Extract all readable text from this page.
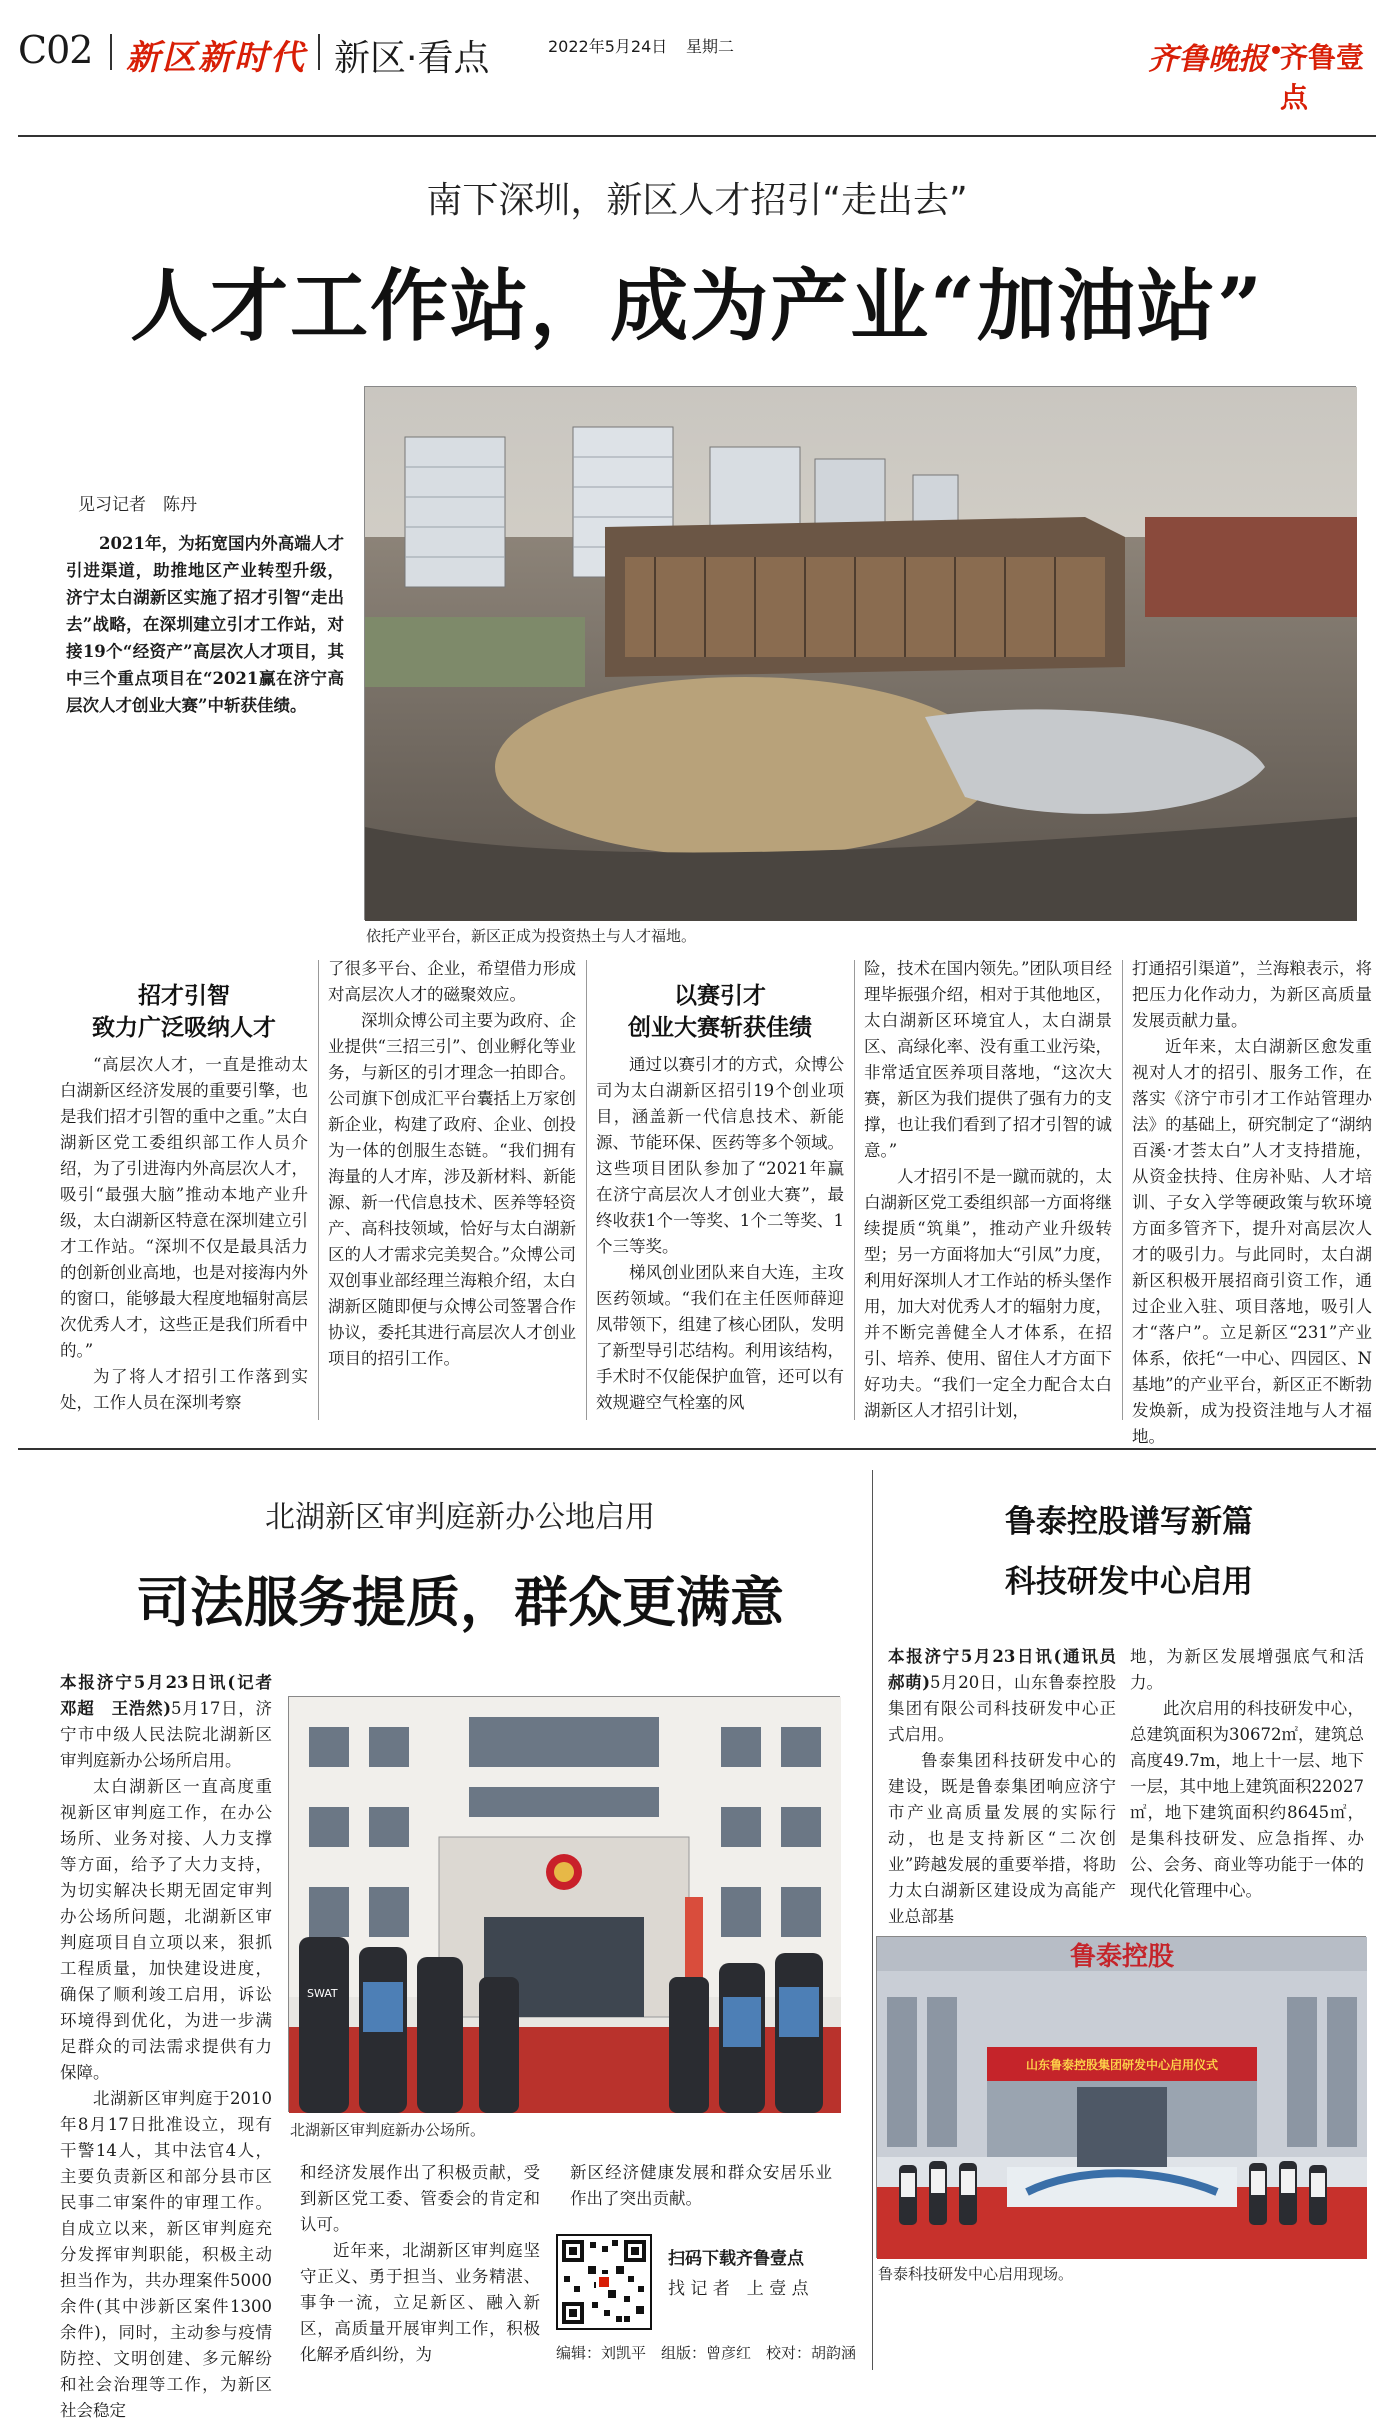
C02 新区新时代 新区·看点	2022年5月24日 星期二	齐鲁晚报 齐鲁壹点
南下深圳，新区人才招引“走出去”
人才工作站，成为产业“加油站”
见习记者　陈丹

2021年，为拓宽国内外高端人才引进渠道，助推地区产业转型升级，济宁太白湖新区实施了招才引智“走出去”战略，在深圳建立引才工作站，对接19个“经资产”高层次人才项目，其中三个重点项目在“2021赢在济宁高层次人才创业大赛”中斩获佳绩。

依托产业平台，新区正成为投资热土与人才福地。
招才引智
致力广泛吸纳人才

“高层次人才，一直是推动太白湖新区经济发展的重要引擎，也是我们招才引智的重中之重。”太白湖新区党工委组织部工作人员介绍，为了引进海内外高层次人才，吸引“最强大脑”推动本地产业升级，太白湖新区特意在深圳建立引才工作站。“深圳不仅是最具活力的创新创业高地，也是对接海内外的窗口，能够最大程度地辐射高层次优秀人才，这些正是我们所看中的。”

为了将人才招引工作落到实处，工作人员在深圳考察

了很多平台、企业，希望借力形成对高层次人才的磁聚效应。

深圳众博公司主要为政府、企业提供“三招三引”、创业孵化等业务，与新区的引才理念一拍即合。公司旗下创成汇平台囊括上万家创新企业，构建了政府、企业、创投为一体的创服生态链。“我们拥有海量的人才库，涉及新材料、新能源、新一代信息技术、医养等轻资产、高科技领域，恰好与太白湖新区的人才需求完美契合。”众博公司双创事业部经理兰海粮介绍，太白湖新区随即便与众博公司签署合作协议，委托其进行高层次人才创业项目的招引工作。

以赛引才
创业大赛斩获佳绩

通过以赛引才的方式，众博公司为太白湖新区招引19个创业项目，涵盖新一代信息技术、新能源、节能环保、医药等多个领域。这些项目团队参加了“2021年赢在济宁高层次人才创业大赛”，最终收获1个一等奖、1个二等奖、1个三等奖。

梯风创业团队来自大连，主攻医药领域。“我们在主任医师薛迎凤带领下，组建了核心团队，发明了新型导引芯结构。利用该结构，手术时不仅能保护血管，还可以有效规避空气栓塞的风

险，技术在国内领先。”团队项目经理毕振强介绍，相对于其他地区，太白湖新区环境宜人，太白湖景区、高绿化率、没有重工业污染，非常适宜医养项目落地，“这次大赛，新区为我们提供了强有力的支撑，也让我们看到了招才引智的诚意。”

人才招引不是一蹴而就的，太白湖新区党工委组织部一方面将继续提质“筑巢”，推动产业升级转型；另一方面将加大“引凤”力度，利用好深圳人才工作站的桥头堡作用，加大对优秀人才的辐射力度，并不断完善健全人才体系，在招引、培养、使用、留住人才方面下好功夫。“我们一定全力配合太白湖新区人才招引计划，

打通招引渠道”，兰海粮表示，将把压力化作动力，为新区高质量发展贡献力量。

近年来，太白湖新区愈发重视对人才的招引、服务工作，在落实《济宁市引才工作站管理办法》的基础上，研究制定了“湖纳百溪·才荟太白”人才支持措施，从资金扶持、住房补贴、人才培训、子女入学等硬政策与软环境方面多管齐下，提升对高层次人才的吸引力。与此同时，太白湖新区积极开展招商引资工作，通过企业入驻、项目落地，吸引人才“落户”。立足新区“231”产业体系，依托“一中心、四园区、N基地”的产业平台，新区正不断勃发焕新，成为投资洼地与人才福地。

北湖新区审判庭新办公地启用
司法服务提质，群众更满意

本报济宁5月23日讯(记者　邓超　王浩然)5月17日，济宁市中级人民法院北湖新区审判庭新办公场所启用。

太白湖新区一直高度重视新区审判庭工作，在办公场所、业务对接、人力支撑等方面，给予了大力支持，为切实解决长期无固定审判办公场所问题，北湖新区审判庭项目自立项以来，狠抓工程质量，加快建设进度，确保了顺利竣工启用，诉讼环境得到优化，为进一步满足群众的司法需求提供有力保障。

北湖新区审判庭于2010年8月17日批准设立，现有干警14人，其中法官4人，主要负责新区和部分县市区民事二审案件的审理工作。自成立以来，新区审判庭充分发挥审判职能，积极主动担当作为，共办理案件5000余件(其中涉新区案件1300余件)，同时，主动参与疫情防控、文明创建、多元解纷和社会治理等工作，为新区社会稳定

SWAT
北湖新区审判庭新办公场所。

和经济发展作出了积极贡献，受到新区党工委、管委会的肯定和认可。

近年来，北湖新区审判庭坚守正义、勇于担当、业务精湛、事争一流，立足新区、融入新区，高质量开展审判工作，积极化解矛盾纠纷，为

新区经济健康发展和群众安居乐业作出了突出贡献。

扫码下载齐鲁壹点
找 记 者　上 壹 点
编辑：刘凯平　组版：曾彦红　校对：胡韵涵
鲁泰控股谱写新篇
科技研发中心启用

本报济宁5月23日讯(通讯员　郝萌)5月20日，山东鲁泰控股集团有限公司科技研发中心正式启用。

鲁泰集团科技研发中心的建设，既是鲁泰集团响应济宁市产业高质量发展的实际行动，也是支持新区“二次创业”跨越发展的重要举措，将助力太白湖新区建设成为高能产业总部基

地，为新区发展增强底气和活力。

此次启用的科技研发中心，总建筑面积为30672㎡，建筑总高度49.7m，地上十一层、地下一层，其中地上建筑面积22027㎡，地下建筑面积约8645㎡，是集科技研发、应急指挥、办公、会务、商业等功能于一体的现代化管理中心。

鲁泰控股
山东鲁泰控股集团研发中心启用仪式
鲁泰科技研发中心启用现场。
